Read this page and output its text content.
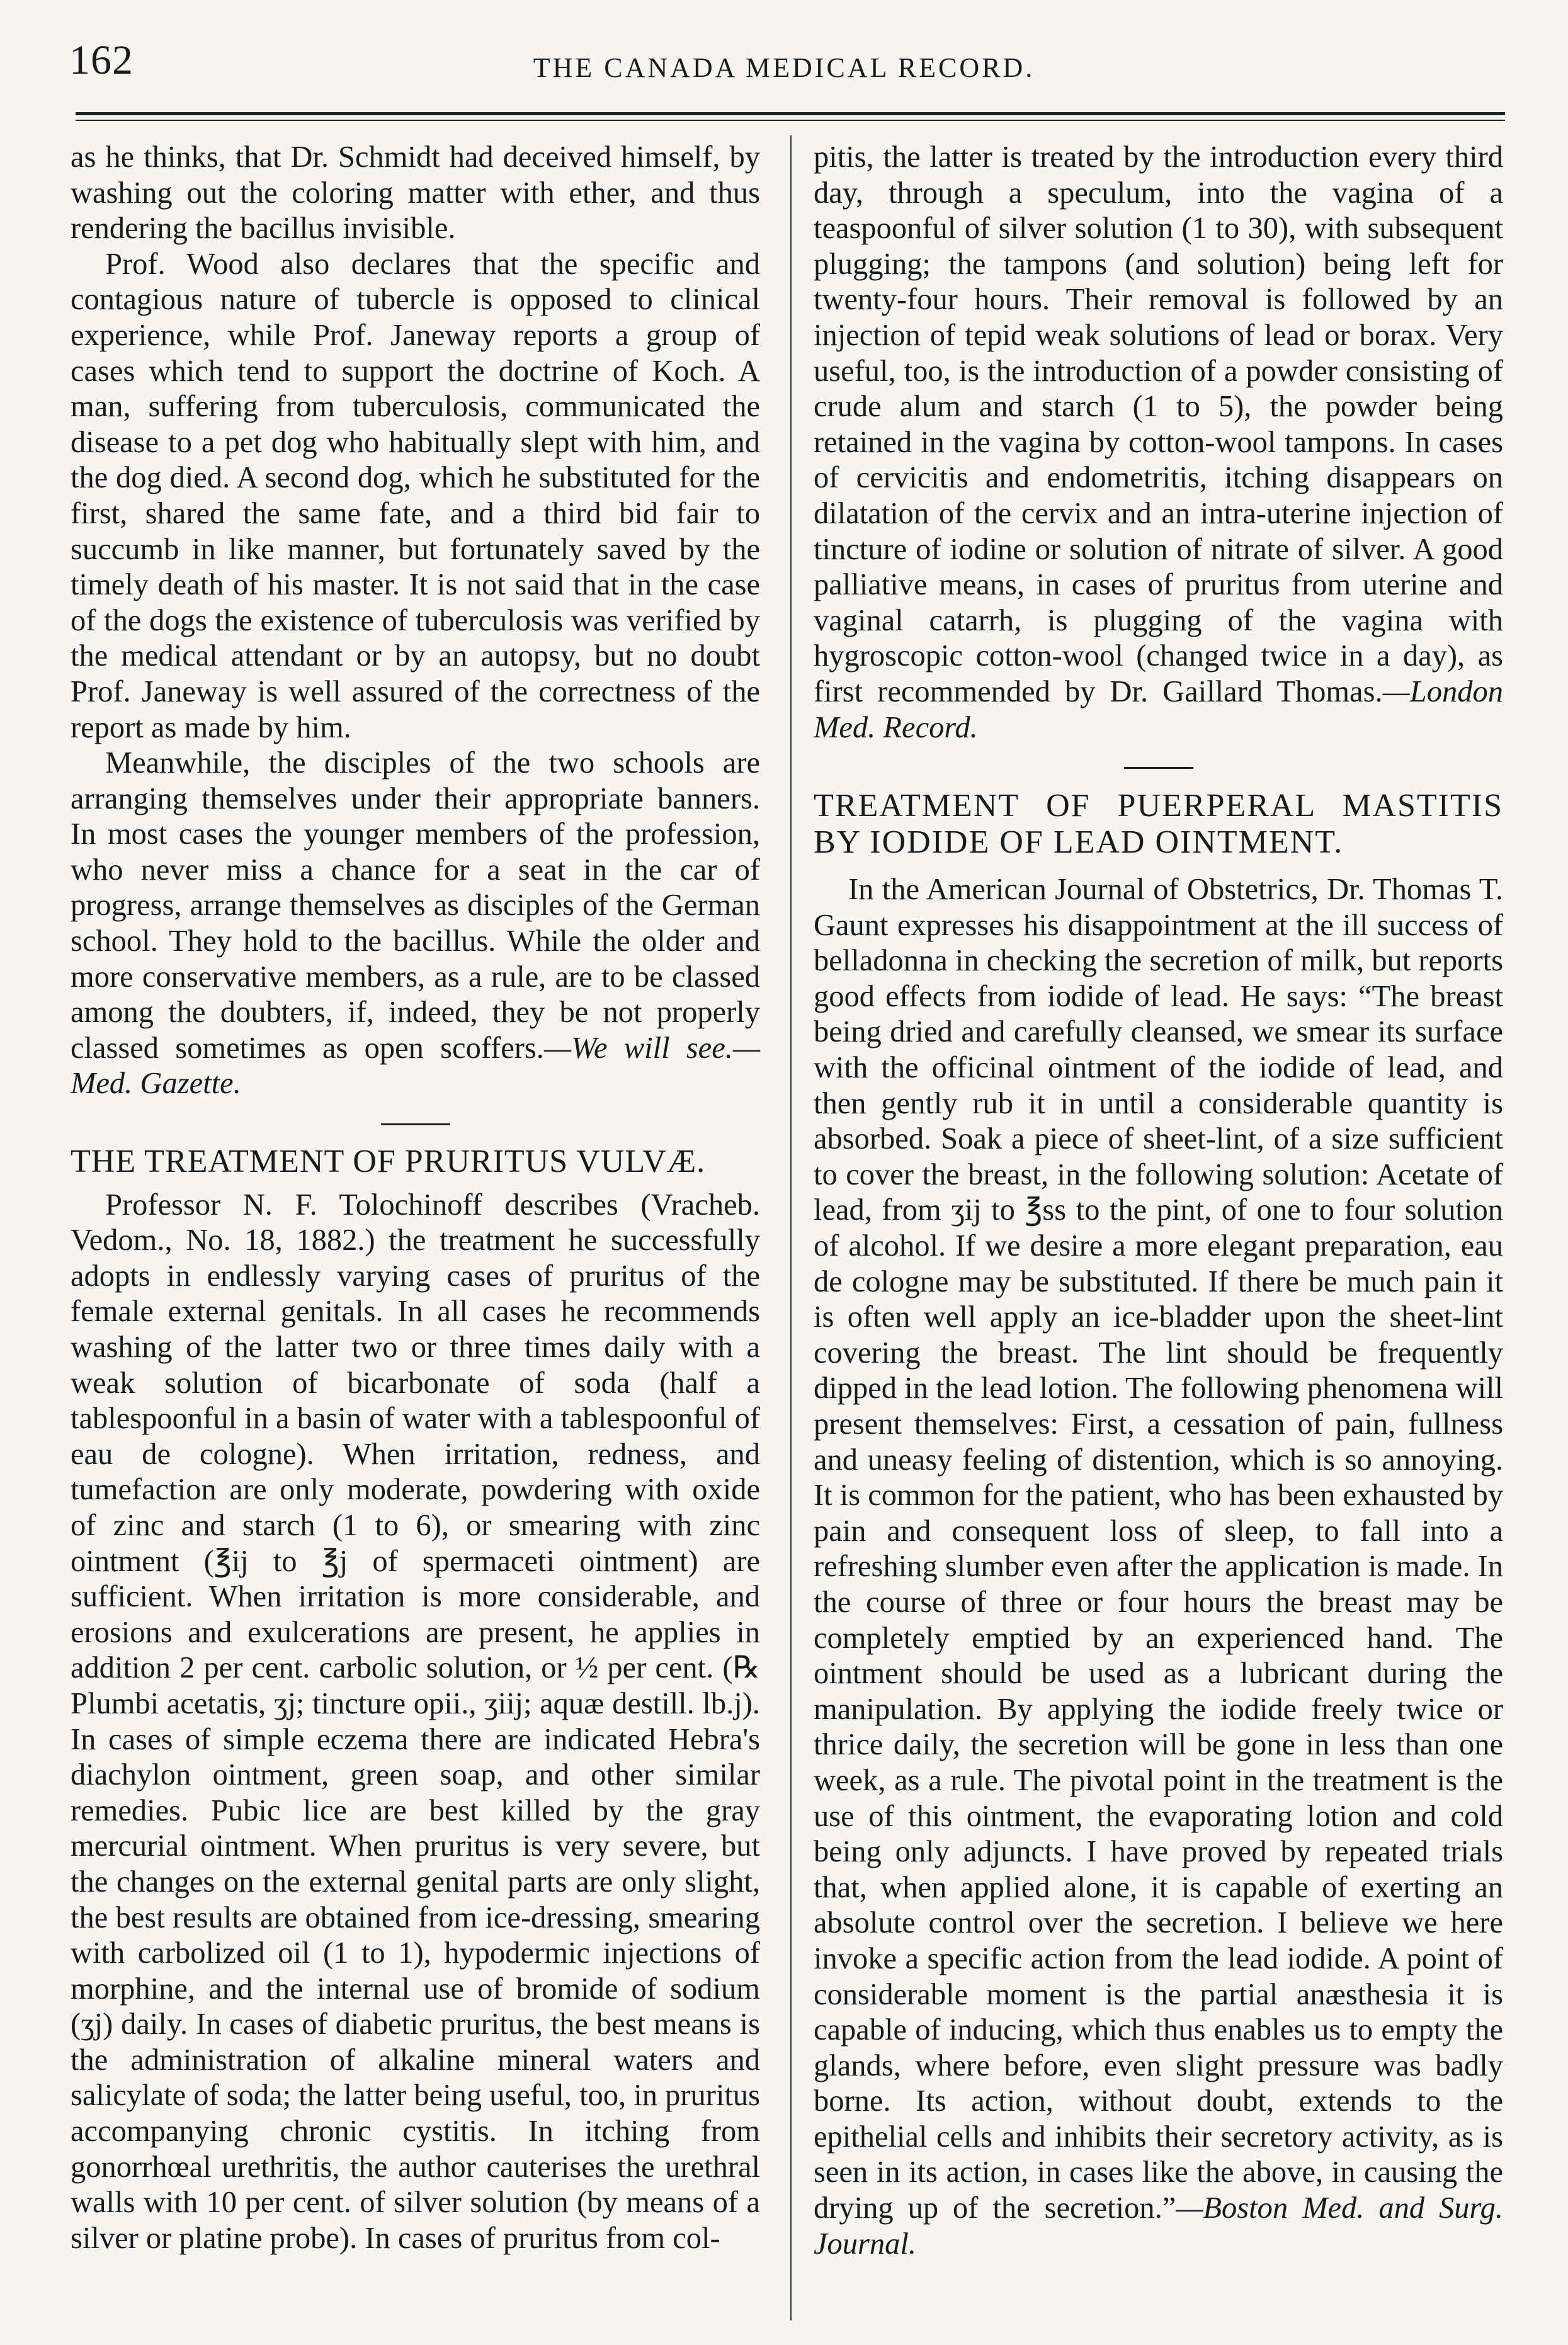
162	THE CANADA MEDICAL RECORD.

as he thinks, that Dr. Schmidt had deceived himself, by washing out the coloring matter with ether, and thus rendering the bacillus invisible.

Prof. Wood also declares that the specific and contagious nature of tubercle is opposed to clinical experience, while Prof. Janeway reports a group of cases which tend to support the doctrine of Koch. A man, suffering from tuberculosis, communicated the disease to a pet dog who habitually slept with him, and the dog died. A second dog, which he substituted for the first, shared the same fate, and a third bid fair to succumb in like manner, but fortunately saved by the timely death of his master. It is not said that in the case of the dogs the existence of tuberculosis was verified by the medical attendant or by an autopsy, but no doubt Prof. Janeway is well assured of the correctness of the report as made by him.

Meanwhile, the disciples of the two schools are arranging themselves under their appropriate banners. In most cases the younger members of the profession, who never miss a chance for a seat in the car of progress, arrange themselves as disciples of the German school. They hold to the bacillus. While the older and more conservative members, as a rule, are to be classed among the doubters, if, indeed, they be not properly classed sometimes as open scoffers.—We will see.—Med. Gazette.

THE TREATMENT OF PRURITUS VULVÆ.

Professor N. F. Tolochinoff describes (Vracheb. Vedom., No. 18, 1882.) the treatment he successfully adopts in endlessly varying cases of pruritus of the female external genitals. In all cases he recommends washing of the latter two or three times daily with a weak solution of bicarbonate of soda (half a tablespoonful in a basin of water with a tablespoonful of eau de cologne). When irritation, redness, and tumefaction are only moderate, powdering with oxide of zinc and starch (1 to 6), or smearing with zinc ointment (℥ij to ℥j of spermaceti ointment) are sufficient. When irritation is more considerable, and erosions and exulcerations are present, he applies in addition 2 per cent. carbolic solution, or ½ per cent. (℞ Plumbi acetatis, ʒj; tincture opii., ʒiij; aquæ destill. lb.j). In cases of simple eczema there are indicated Hebra's diachylon ointment, green soap, and other similar remedies. Pubic lice are best killed by the gray mercurial ointment. When pruritus is very severe, but the changes on the external genital parts are only slight, the best results are obtained from ice-dressing, smearing with carbolized oil (1 to 1), hypodermic injections of morphine, and the internal use of bromide of sodium (ʒj) daily. In cases of diabetic pruritus, the best means is the administration of alkaline mineral waters and salicylate of soda; the latter being useful, too, in pruritus accompanying chronic cystitis. In itching from gonorrhœal urethritis, the author cauterises the urethral walls with 10 per cent. of silver solution (by means of a silver or platine probe). In cases of pruritus from col-

pitis, the latter is treated by the introduction every third day, through a speculum, into the vagina of a teaspoonful of silver solution (1 to 30), with subsequent plugging; the tampons (and solution) being left for twenty-four hours. Their removal is followed by an injection of tepid weak solutions of lead or borax. Very useful, too, is the introduction of a powder consisting of crude alum and starch (1 to 5), the powder being retained in the vagina by cotton-wool tampons. In cases of cervicitis and endometritis, itching disappears on dilatation of the cervix and an intra-uterine injection of tincture of iodine or solution of nitrate of silver. A good palliative means, in cases of pruritus from uterine and vaginal catarrh, is plugging of the vagina with hygroscopic cotton-wool (changed twice in a day), as first recommended by Dr. Gaillard Thomas.—London Med. Record.

TREATMENT OF PUERPERAL MASTITIS BY IODIDE OF LEAD OINTMENT.

In the American Journal of Obstetrics, Dr. Thomas T. Gaunt expresses his disappointment at the ill success of belladonna in checking the secretion of milk, but reports good effects from iodide of lead. He says: “The breast being dried and carefully cleansed, we smear its surface with the officinal ointment of the iodide of lead, and then gently rub it in until a considerable quantity is absorbed. Soak a piece of sheet-lint, of a size sufficient to cover the breast, in the following solution: Acetate of lead, from ʒij to ℥ss to the pint, of one to four solution of alcohol. If we desire a more elegant preparation, eau de cologne may be substituted. If there be much pain it is often well apply an ice-bladder upon the sheet-lint covering the breast. The lint should be frequently dipped in the lead lotion. The following phenomena will present themselves: First, a cessation of pain, fullness and uneasy feeling of distention, which is so annoying. It is common for the patient, who has been exhausted by pain and consequent loss of sleep, to fall into a refreshing slumber even after the application is made. In the course of three or four hours the breast may be completely emptied by an experienced hand. The ointment should be used as a lubricant during the manipulation. By applying the iodide freely twice or thrice daily, the secretion will be gone in less than one week, as a rule. The pivotal point in the treatment is the use of this ointment, the evaporating lotion and cold being only adjuncts. I have proved by repeated trials that, when applied alone, it is capable of exerting an absolute control over the secretion. I believe we here invoke a specific action from the lead iodide. A point of considerable moment is the partial anæsthesia it is capable of inducing, which thus enables us to empty the glands, where before, even slight pressure was badly borne. Its action, without doubt, extends to the epithelial cells and inhibits their secretory activity, as is seen in its action, in cases like the above, in causing the drying up of the secretion.”—Boston Med. and Surg. Journal.
